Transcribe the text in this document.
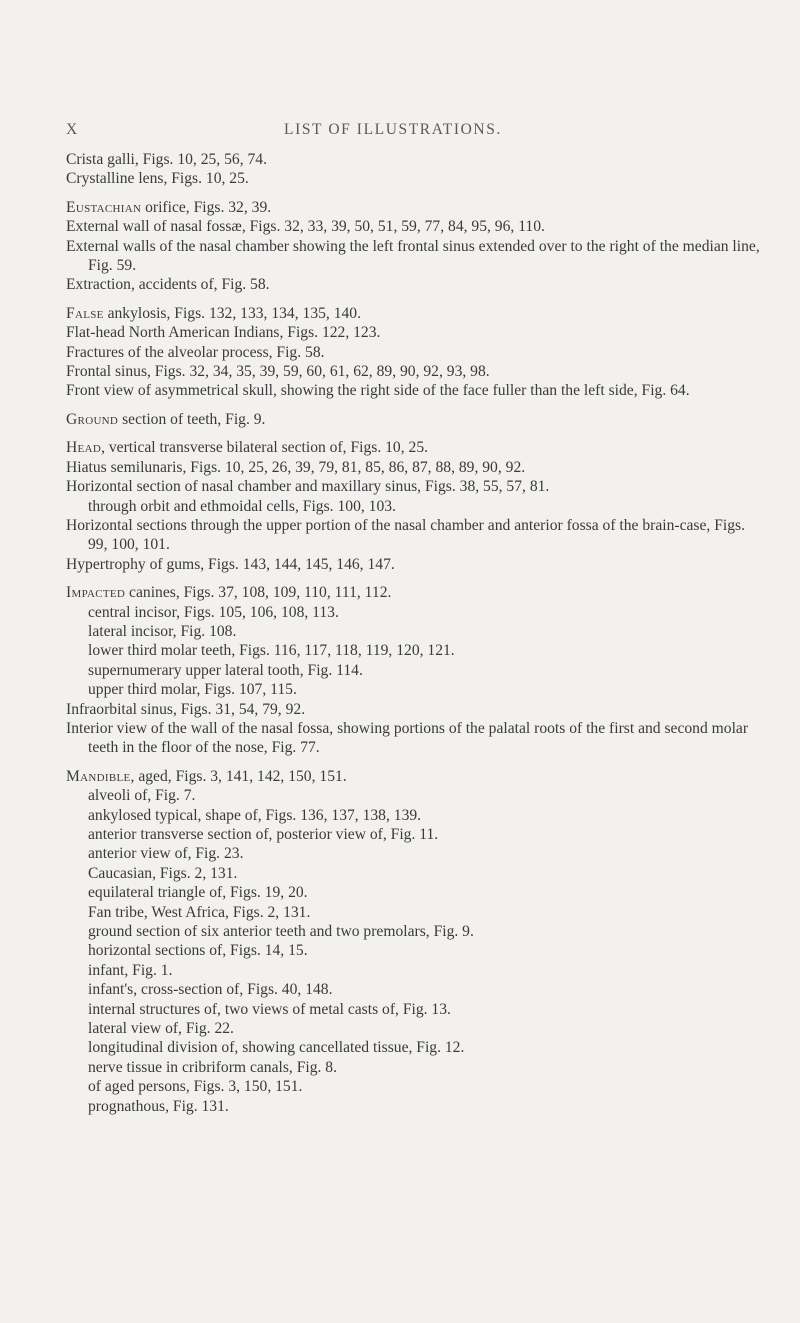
X	LIST OF ILLUSTRATIONS.

Crista galli, Figs. 10, 25, 56, 74.

Crystalline lens, Figs. 10, 25.

Eustachian orifice, Figs. 32, 39.

External wall of nasal fossæ, Figs. 32, 33, 39, 50, 51, 59, 77, 84, 95, 96, 110.

External walls of the nasal chamber showing the left frontal sinus extended over to the right of the median line, Fig. 59.

Extraction, accidents of, Fig. 58.

False ankylosis, Figs. 132, 133, 134, 135, 140.

Flat-head North American Indians, Figs. 122, 123.

Fractures of the alveolar process, Fig. 58.

Frontal sinus, Figs. 32, 34, 35, 39, 59, 60, 61, 62, 89, 90, 92, 93, 98.

Front view of asymmetrical skull, showing the right side of the face fuller than the left side, Fig. 64.

Ground section of teeth, Fig. 9.

Head, vertical transverse bilateral section of, Figs. 10, 25.

Hiatus semilunaris, Figs. 10, 25, 26, 39, 79, 81, 85, 86, 87, 88, 89, 90, 92.

Horizontal section of nasal chamber and maxillary sinus, Figs. 38, 55, 57, 81.

through orbit and ethmoidal cells, Figs. 100, 103.

Horizontal sections through the upper portion of the nasal chamber and anterior fossa of the brain-case, Figs. 99, 100, 101.

Hypertrophy of gums, Figs. 143, 144, 145, 146, 147.

Impacted canines, Figs. 37, 108, 109, 110, 111, 112.

central incisor, Figs. 105, 106, 108, 113.

lateral incisor, Fig. 108.

lower third molar teeth, Figs. 116, 117, 118, 119, 120, 121.

supernumerary upper lateral tooth, Fig. 114.

upper third molar, Figs. 107, 115.

Infraorbital sinus, Figs. 31, 54, 79, 92.

Interior view of the wall of the nasal fossa, showing portions of the palatal roots of the first and second molar teeth in the floor of the nose, Fig. 77.

Mandible, aged, Figs. 3, 141, 142, 150, 151.

alveoli of, Fig. 7.

ankylosed typical, shape of, Figs. 136, 137, 138, 139.

anterior transverse section of, posterior view of, Fig. 11.

anterior view of, Fig. 23.

Caucasian, Figs. 2, 131.

equilateral triangle of, Figs. 19, 20.

Fan tribe, West Africa, Figs. 2, 131.

ground section of six anterior teeth and two premolars, Fig. 9.

horizontal sections of, Figs. 14, 15.

infant, Fig. 1.

infant's, cross-section of, Figs. 40, 148.

internal structures of, two views of metal casts of, Fig. 13.

lateral view of, Fig. 22.

longitudinal division of, showing cancellated tissue, Fig. 12.

nerve tissue in cribriform canals, Fig. 8.

of aged persons, Figs. 3, 150, 151.

prognathous, Fig. 131.
